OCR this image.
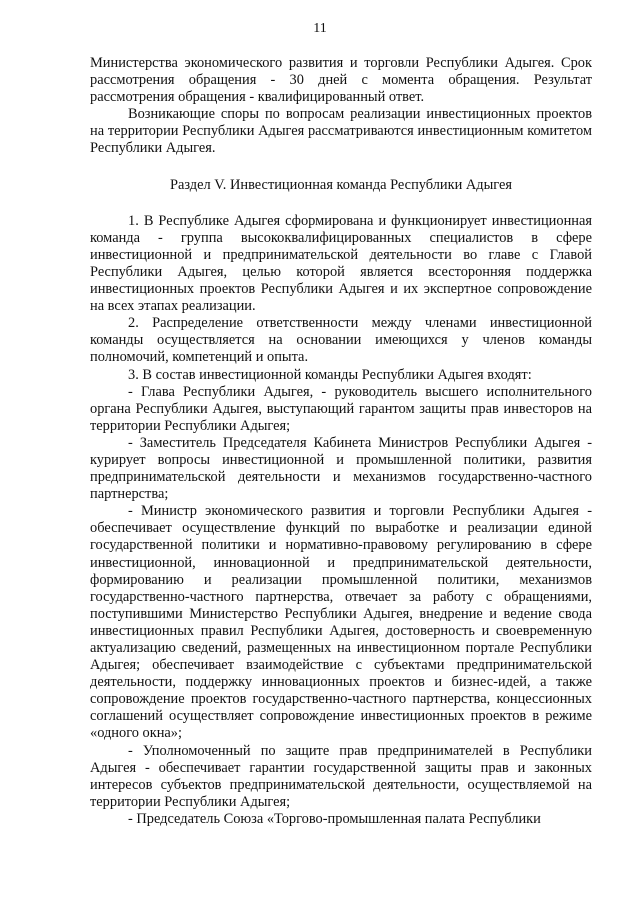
11

Министерства экономического развития и торговли Республики Адыгея. Срок рассмотрения обращения - 30 дней с момента обращения. Результат рассмотрения обращения - квалифицированный ответ.

Возникающие споры по вопросам реализации инвестиционных проектов на территории Республики Адыгея рассматриваются инвестиционным комитетом Республики Адыгея.

Раздел V. Инвестиционная команда Республики Адыгея

1. В Республике Адыгея сформирована и функционирует инвестиционная команда - группа высококвалифицированных специалистов в сфере инвестиционной и предпринимательской деятельности во главе с Главой Республики Адыгея, целью которой является всесторонняя поддержка инвестиционных проектов Республики Адыгея и их экспертное сопровождение на всех этапах реализации.

2. Распределение ответственности между членами инвестиционной команды осуществляется на основании имеющихся у членов команды полномочий, компетенций и опыта.

3. В состав инвестиционной команды Республики Адыгея входят:

- Глава Республики Адыгея, - руководитель высшего исполнительного органа Республики Адыгея, выступающий гарантом защиты прав инвесторов на территории Республики Адыгея;

- Заместитель Председателя Кабинета Министров Республики Адыгея - курирует вопросы инвестиционной и промышленной политики, развития предпринимательской деятельности и механизмов государственно-частного партнерства;

- Министр экономического развития и торговли Республики Адыгея - обеспечивает осуществление функций по выработке и реализации единой государственной политики и нормативно-правовому регулированию в сфере инвестиционной, инновационной и предпринимательской деятельности, формированию и реализации промышленной политики, механизмов государственно-частного партнерства, отвечает за работу с обращениями, поступившими Министерство Республики Адыгея, внедрение и ведение свода инвестиционных правил Республики Адыгея, достоверность и своевременную актуализацию сведений, размещенных на инвестиционном портале Республики Адыгея; обеспечивает взаимодействие с субъектами предпринимательской деятельности, поддержку инновационных проектов и бизнес-идей, а также сопровождение проектов государственно-частного партнерства, концессионных соглашений осуществляет сопровождение инвестиционных проектов в режиме «одного окна»;

- Уполномоченный по защите прав предпринимателей в Республики Адыгея - обеспечивает гарантии государственной защиты прав и законных интересов субъектов предпринимательской деятельности, осуществляемой на территории Республики Адыгея;

- Председатель Союза «Торгово-промышленная палата Республики
